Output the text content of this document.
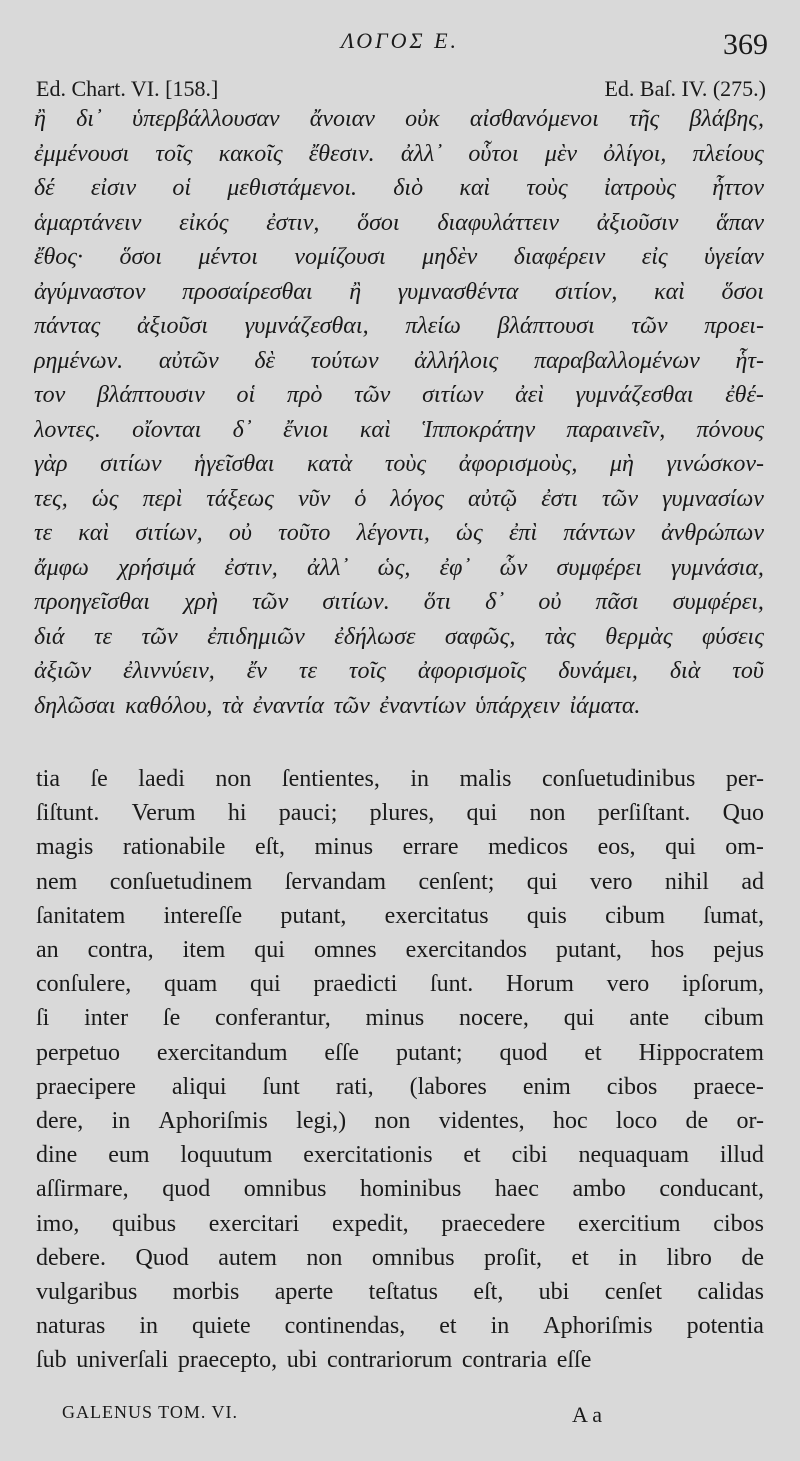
ΛΟΓΟΣ Ε.	369
Ed. Chart. VI. [158.]	Ed. Baſ. IV. (275.)
ἢ δι᾽ ὑπερβάλλουσαν ἄνοιαν οὐκ αἰσθανόμενοι τῆς βλάβης,
ἐμμένουσι τοῖς κακοῖς ἔθεσιν. ἀλλ᾽ οὗτοι μὲν ὀλίγοι, πλείους
δέ εἰσιν οἱ μεθιστάμενοι. διὸ καὶ τοὺς ἰατροὺς ἧττον
ἁμαρτάνειν εἰκός ἐστιν, ὅσοι διαφυλάττειν ἀξιοῦσιν ἅπαν
ἔθος· ὅσοι μέντοι νομίζουσι μηδὲν διαφέρειν εἰς ὑγείαν
ἀγύμναστον προσαίρεσθαι ἢ γυμνασθέντα σιτίον, καὶ ὅσοι
πάντας ἀξιοῦσι γυμνάζεσθαι, πλείω βλάπτουσι τῶν προει-
ρημένων. αὐτῶν δὲ τούτων ἀλλήλοις παραβαλλομένων ἧτ-
τον βλάπτουσιν οἱ πρὸ τῶν σιτίων ἀεὶ γυμνάζεσθαι ἐθέ-
λοντες. οἴονται δ᾽ ἔνιοι καὶ Ἱπποκράτην παραινεῖν, πόνους
γὰρ σιτίων ἡγεῖσθαι κατὰ τοὺς ἀφορισμοὺς, μὴ γινώσκον-
τες, ὡς περὶ τάξεως νῦν ὁ λόγος αὐτῷ ἐστι τῶν γυμνασίων
τε καὶ σιτίων, οὐ τοῦτο λέγοντι, ὡς ἐπὶ πάντων ἀνθρώπων
ἄμφω χρήσιμά ἐστιν, ἀλλ᾽ ὡς, ἐφ᾽ ὧν συμφέρει γυμνάσια,
προηγεῖσθαι χρὴ τῶν σιτίων. ὅτι δ᾽ οὐ πᾶσι συμφέρει,
διά τε τῶν ἐπιδημιῶν ἐδήλωσε σαφῶς, τὰς θερμὰς φύσεις
ἀξιῶν ἐλιννύειν, ἔν τε τοῖς ἀφορισμοῖς δυνάμει, διὰ τοῦ
δηλῶσαι καθόλου, τὰ ἐναντία τῶν ἐναντίων ὑπάρχειν ἰάματα.
tia ſe laedi non ſentientes, in malis conſuetudinibus per-
ſiſtunt. Verum hi pauci; plures, qui non perſiſtant. Quo
magis rationabile eſt, minus errare medicos eos, qui om-
nem conſuetudinem ſervandam cenſent; qui vero nihil ad
ſanitatem intereſſe putant, exercitatus quis cibum ſumat,
an contra, item qui omnes exercitandos putant, hos pejus
conſulere, quam qui praedicti ſunt. Horum vero ipſorum,
ſi inter ſe conferantur, minus nocere, qui ante cibum
perpetuo exercitandum eſſe putant; quod et Hippocratem
praecipere aliqui ſunt rati, (labores enim cibos praece-
dere, in Aphoriſmis legi,) non videntes, hoc loco de or-
dine eum loquutum exercitationis et cibi nequaquam illud
aſſirmare, quod omnibus hominibus haec ambo conducant,
imo, quibus exercitari expedit, praecedere exercitium cibos
debere. Quod autem non omnibus proſit, et in libro de
vulgaribus morbis aperte teſtatus eſt, ubi cenſet calidas
naturas in quiete continendas, et in Aphoriſmis potentia
ſub univerſali praecepto, ubi contrariorum contraria eſſe
GALENUS TOM. VI.	A a
